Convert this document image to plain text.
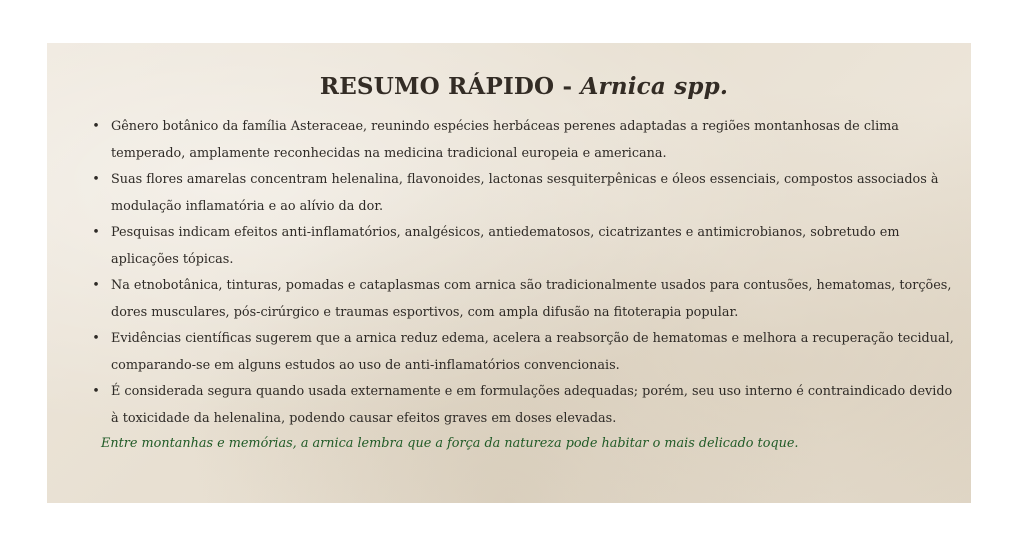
RESUMO RÁPIDO - Arnica spp.
• Gênero botânico da família Asteraceae, reunindo espécies herbáceas perenes adaptadas a regiões montanhosas de clima temperado, amplamente reconhecidas na medicina tradicional europeia e americana.
• Suas flores amarelas concentram helenalina, flavonoides, lactonas sesquiterpênicas e óleos essenciais, compostos associados à modulação inflamatória e ao alívio da dor.
• Pesquisas indicam efeitos anti-inflamatórios, analgésicos, antiedematosos, cicatrizantes e antimicrobianos, sobretudo em aplicações tópicas.
• Na etnobotânica, tinturas, pomadas e cataplasmas com arnica são tradicionalmente usados para contusões, hematomas, torções, dores musculares, pós-cirúrgico e traumas esportivos, com ampla difusão na fitoterapia popular.
• Evidências científicas sugerem que a arnica reduz edema, acelera a reabsorção de hematomas e melhora a recuperação tecidual, comparando-se em alguns estudos ao uso de anti-inflamatórios convencionais.
• É considerada segura quando usada externamente e em formulações adequadas; porém, seu uso interno é contraindicado devido à toxicidade da helenalina, podendo causar efeitos graves em doses elevadas.

Entre montanhas e memórias, a arnica lembra que a força da natureza pode habitar o mais delicado toque.
